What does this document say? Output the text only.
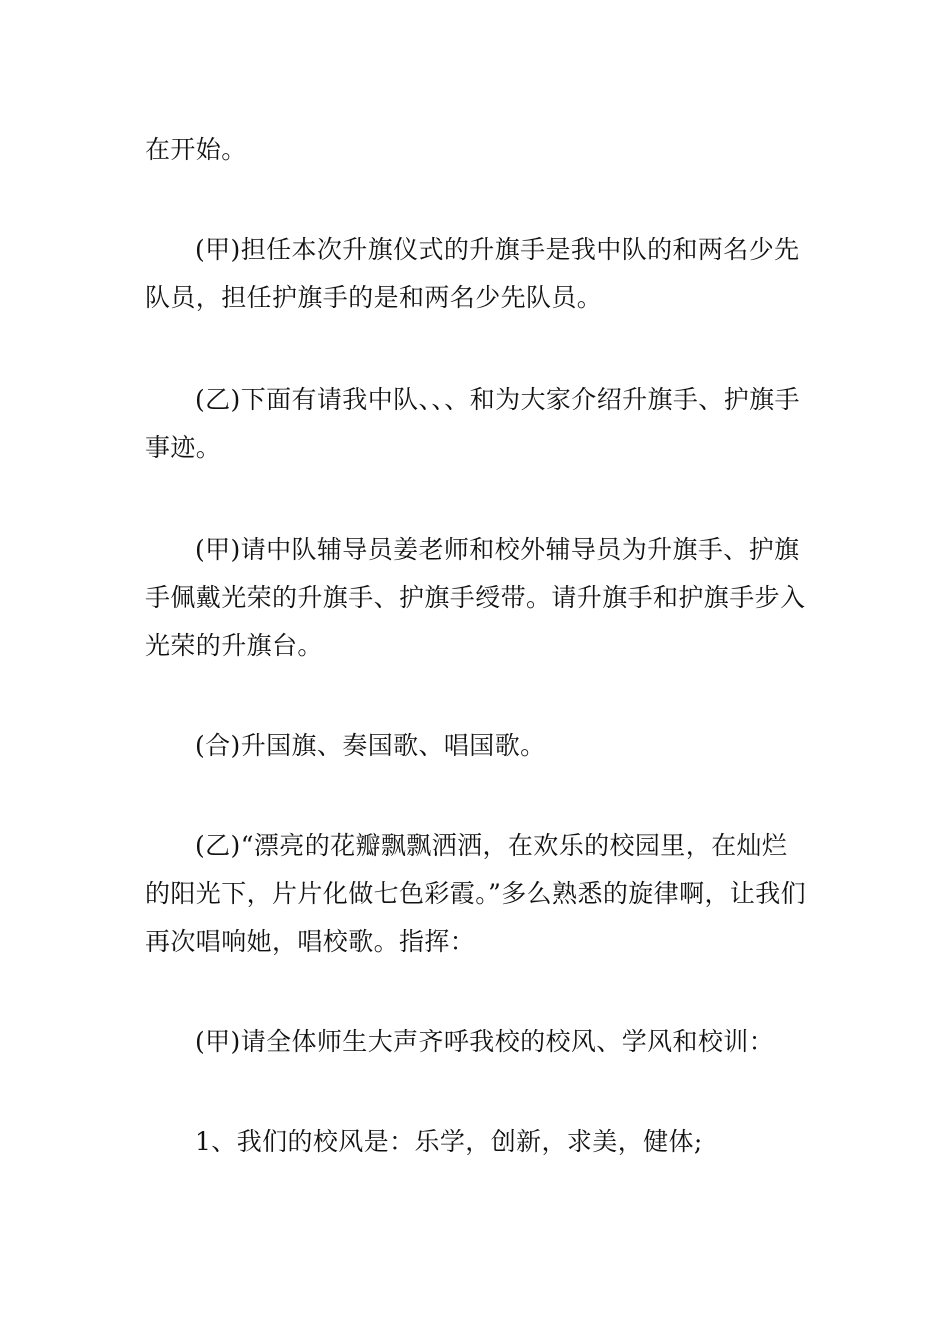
在开始。

(甲)担任本次升旗仪式的升旗手是我中队的和两名少先队员，担任护旗手的是和两名少先队员。

(乙)下面有请我中队、、、和为大家介绍升旗手、护旗手事迹。

(甲)请中队辅导员姜老师和校外辅导员为升旗手、护旗手佩戴光荣的升旗手、护旗手绶带。请升旗手和护旗手步入光荣的升旗台。

(合)升国旗、奏国歌、唱国歌。

(乙)“漂亮的花瓣飘飘洒洒，在欢乐的校园里，在灿烂的阳光下，片片化做七色彩霞。”多么熟悉的旋律啊，让我们再次唱响她，唱校歌。指挥：

(甲)请全体师生大声齐呼我校的校风、学风和校训：

1、我们的校风是：乐学，创新，求美，健体;
